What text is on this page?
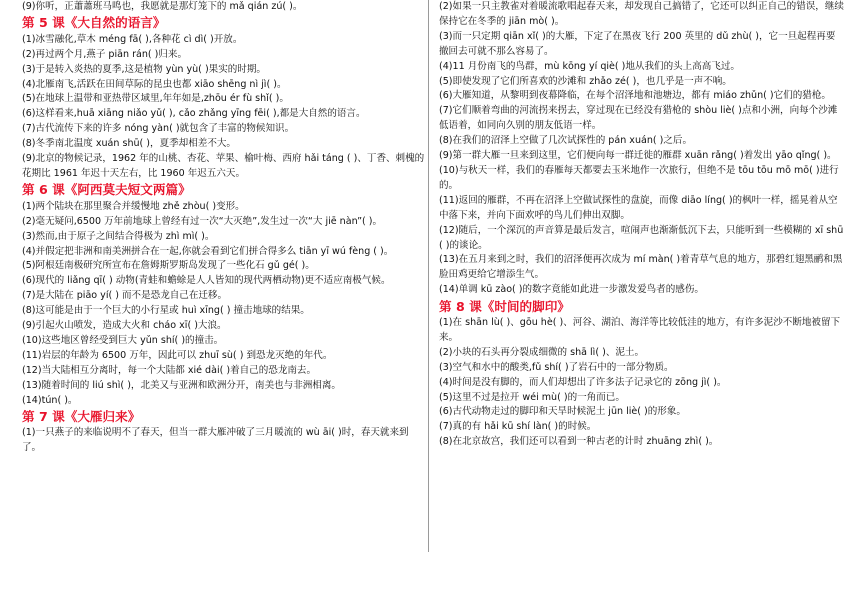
(9)你听，正蕭蕭班马鸣也，我愿就是那灯笼下的 mǎ qián zú( )。

第 5 课《大自然的语言》

(1)冰雪融化,草木 méng fā( ),各种花 cì dì( )开放。

(2)再过两个月,燕子 piān rán( )归来。

(3)于是转入炎热的夏季,这是植物 yùn yù( )果实的时期。

(4)北雁南飞,活跃在田间草际的昆虫也都 xiāo shēng nì jì( )。

(5)在地球上温带和亚热带区域里,年年如是,zhōu ér fù shǐ( )。

(6)这样看来,huā xiāng niǎo yǔ( ), cǎo zhǎng yīng fēi( ),都是大自然的语言。

(7)古代流传下来的许多 nóng yàn( )就包含了丰富的物候知识。

(8)冬季南北温度 xuán shū( )，夏季却相差不大。

(9)北京的物候记录，1962 年的山桃、杏花、苹果、榆叶梅、西府 hǎi táng ( )、丁香、刺槐的花期比 1961 年迟十天左右，比 1960 年迟五六天。

第 6 课《阿西莫夫短文两篇》

(1)两个陆块在那里聚合并缓慢地 zhě zhòu( )变形。

(2)毫无疑问,6500 万年前地球上曾经有过一次“大灭绝”,发生过一次“大 jiē nàn”( )。

(3)然而,由于原子之间结合得极为 zhì mì( )。

(4)并假定把非洲和南美洲拼合在一起,你就会看到它们拼合得多么 tiān yī wú fèng ( )。

(5)阿根廷南极研究所宣布在詹姆斯罗斯岛发现了一些化石 gǔ gé( )。

(6)现代的 liǎng qī( ) 动物(青蛙和蟾蜍是人人皆知的现代两栖动物)更不适应南极气候。

(7)是大陆在 piāo yí( ) 而不是恐龙自己在迁移。

(8)这可能是由于一个巨大的小行星或 huì xīng( ) 撞击地球的结果。

(9)引起火山喷发，造成大火和 cháo xī( )大浪。

(10)这些地区曾经受到巨大 yǔn shí( )的撞击。

(11)岩层的年龄为 6500 万年，因此可以 zhuī sù( ) 到恐龙灭绝的年代。

(12)当大陆相互分离时，每一个大陆都 xié dài( )着自己的恐龙南去。

(13)随着时间的 liú shì( )，北美又与亚洲和欧洲分开，南美也与非洲相离。

(14)tún( )。

第 7 课《大雁归来》

(1)一只燕子的来临说明不了春天，但当一群大雁冲破了三月暖流的 wù āi( )时，春天就来到了。

(2)如果一只主教雀对着暖流歌唱起春天来，却发现自己搞错了，它还可以纠正自己的错误，继续保持它在冬季的 jiān mò( )。

(3)而一只定期 qiān xǐ( )的大雁，下定了在黑夜飞行 200 英里的 dǔ zhù( )，它一旦起程再要撤回去可就不那么容易了。

(4)11 月份南飞的鸟群，mù kōng yí qiè( )地从我们的头上高高飞过。

(5)即使发现了它们所喜欢的沙滩和 zhǎo zé( )，也几乎是一声不响。

(6)大雁知道，从黎明到夜幕降临，在每个沼泽地和池塘边，都有 miáo zhǔn( )它们的猎枪。

(7)它们顺着弯曲的河流拐来拐去，穿过现在已经没有猎枪的 shòu liè( )点和小洲，向每个沙滩低语着，如同向久别的朋友低语一样。

(8)在我们的沼泽上空做了几次试探性的 pán xuán( )之后。

(9)第一群大雁一旦来到这里，它们便向每一群迁徙的雁群 xuān rǎng( )着发出 yāo qǐng( )。

(10)与秋天一样，我们的春雁每天都要去玉米地作一次旅行，但绝不是 tōu tōu mō mō( )进行的。

(11)返回的雁群，不再在沼泽上空做试探性的盘旋，而像 diāo líng( )的枫叶一样，摇晃着从空中落下来，并向下面欢呼的鸟儿们伸出双脚。

(12)随后，一个深沉的声音算是最后发言，喧闹声也渐渐低沉下去，只能听到一些模糊的 xī shū( )的谈论。

(13)在五月来到之时，我们的沼泽便再次成为 mí màn( )着青草气息的地方，那碧红翅黑鹂和黑脸田鸡更给它增添生气。

(14)单调 kū zào( )的数字竟能如此进一步激发爱鸟者的感伤。

第 8 课《时间的脚印》

(1)在 shān lù( )、gōu hè( )、河谷、湖泊、海洋等比较低洼的地方，有许多泥沙不断地被留下来。

(2)小块的石头再分裂成细微的 shā lì( )、泥土。

(3)空气和水中的酸类,fǔ shí( )了岩石中的一部分物质。

(4)时间是没有脚的，而人们却想出了许多法子记录它的 zōng jì( )。

(5)这里不过是拉开 wéi mù( )的一角而已。

(6)古代动物走过的脚印和天旱时候泥土 jūn liè( )的形象。

(7)真的有 hǎi kū shí làn( )的时候。

(8)在北京故宫，我们还可以看到一种古老的计时 zhuāng zhì( )。
